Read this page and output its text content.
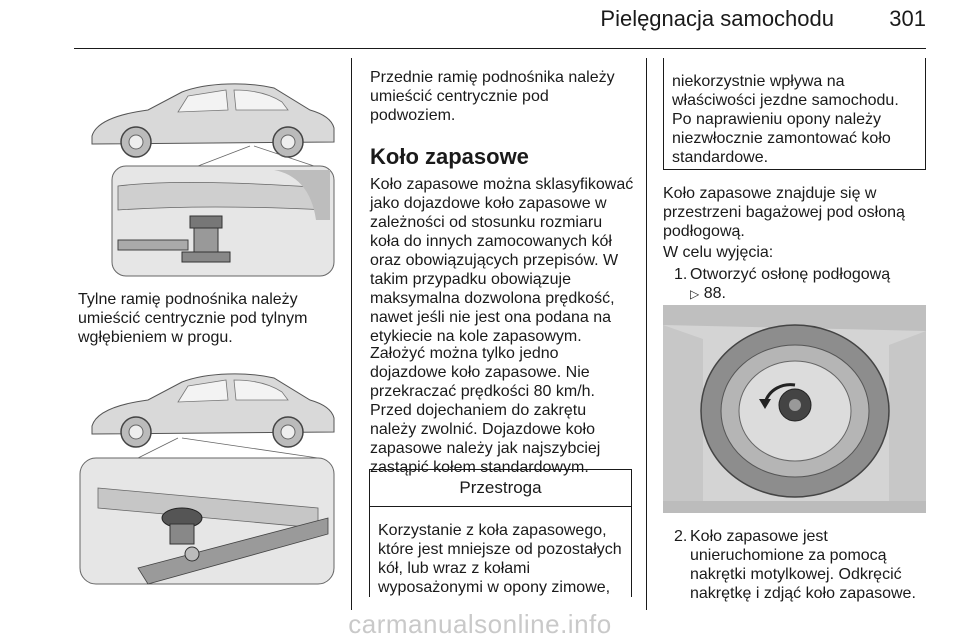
Pielęgnacja samochodu	301
Tylne ramię podnośnika należy umieścić centrycznie pod tylnym wgłębieniem w progu.
Przednie ramię podnośnika należy umieścić centrycznie pod podwoziem.
Koło zapasowe
Koło zapasowe można sklasyfikować jako dojazdowe koło zapasowe w zależności od stosunku rozmiaru koła do innych zamocowanych kół oraz obowiązujących przepisów. W takim przypadku obowiązuje maksymalna dozwolona prędkość, nawet jeśli nie jest ona podana na etykiecie na kole zapasowym.
Założyć można tylko jedno dojazdowe koło zapasowe. Nie przekraczać prędkości 80 km/h. Przed dojechaniem do zakrętu należy zwolnić. Dojazdowe koło zapasowe należy jak najszybciej zastąpić kołem standardowym.
Przestroga
Korzystanie z koła zapasowego, które jest mniejsze od pozostałych kół, lub wraz z kołami wyposażonymi w opony zimowe,
niekorzystnie wpływa na właściwości jezdne samochodu. Po naprawieniu opony należy niezwłocznie zamontować koło standardowe.
Koło zapasowe znajduje się w przestrzeni bagażowej pod osłoną podłogową.
W celu wyjęcia:
1. Otworzyć osłonę podłogową
▷ 88.
2. Koło zapasowe jest unieruchomione za pomocą nakrętki motylkowej. Odkręcić nakrętkę i zdjąć koło zapasowe.
carmanualsonline.info
